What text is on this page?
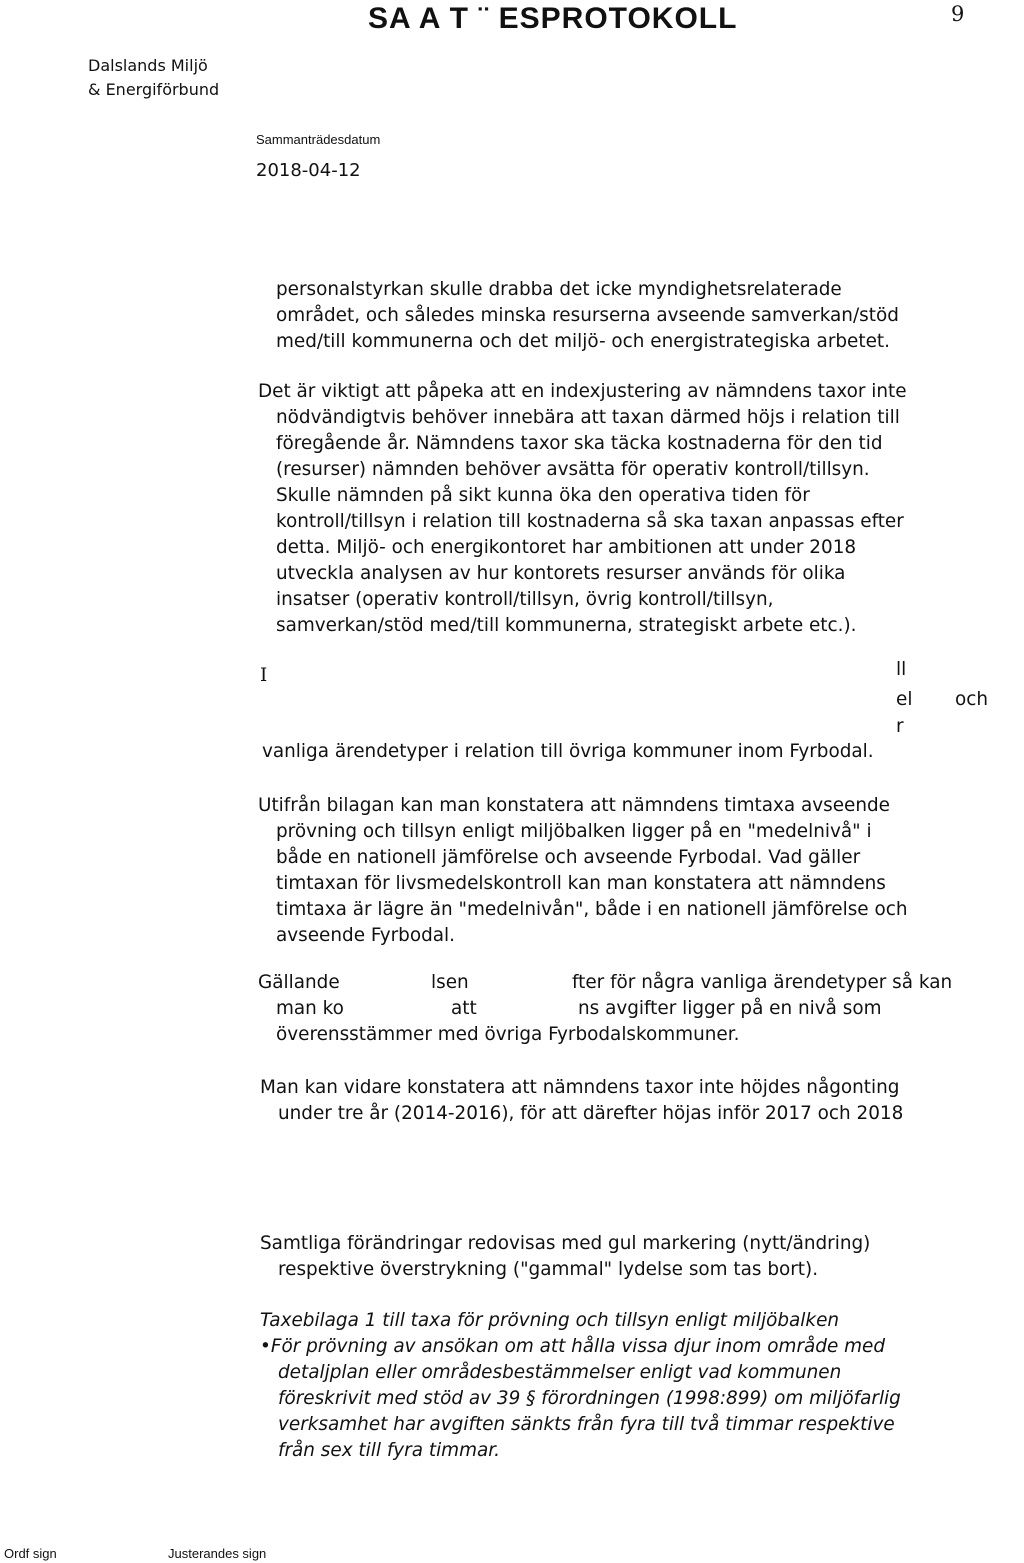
SA A T ¨ ESPROTOKOLL	9
Dalslands Miljö
& Energiförbund
Sammanträdesdatum
2018-04-12
personalstyrkan skulle drabba det icke myndighetsrelaterade
området, och således minska resurserna avseende samverkan/stöd
med/till kommunerna och det miljö- och energistrategiska arbetet.
Det är viktigt att påpeka att en indexjustering av nämndens taxor inte
nödvändigtvis behöver innebära att taxan därmed höjs i relation till
föregående år. Nämndens taxor ska täcka kostnaderna för den tid
(resurser) nämnden behöver avsätta för operativ kontroll/tillsyn.
Skulle nämnden på sikt kunna öka den operativa tiden för
kontroll/tillsyn i relation till kostnaderna så ska taxan anpassas efter
detta. Miljö- och energikontoret har ambitionen att under 2018
utveckla analysen av hur kontorets resurser används för olika
insatser (operativ kontroll/tillsyn, övrig kontroll/tillsyn,
samverkan/stöd med/till kommunerna, strategiskt arbete etc.).
I	ll
el och
r
vanliga ärendetyper i relation till övriga kommuner inom Fyrbodal.
Utifrån bilagan kan man konstatera att nämndens timtaxa avseende
prövning och tillsyn enligt miljöbalken ligger på en "medelnivå" i
både en nationell jämförelse och avseende Fyrbodal. Vad gäller
timtaxan för livsmedelskontroll kan man konstatera att nämndens
timtaxa är lägre än "medelnivån", både i en nationell jämförelse och
avseende Fyrbodal.
Gällande	lsen	fter för några vanliga ärendetyper så kan
man ko	att	ns avgifter ligger på en nivå som
överensstämmer med övriga Fyrbodalskommuner.
Man kan vidare konstatera att nämndens taxor inte höjdes någonting
under tre år (2014-2016), för att därefter höjas inför 2017 och 2018
Samtliga förändringar redovisas med gul markering (nytt/ändring)
respektive överstrykning ("gammal" lydelse som tas bort).
Taxebilaga 1 till taxa för prövning och tillsyn enligt miljöbalken
•För prövning av ansökan om att hålla vissa djur inom område med
detaljplan eller områdesbestämmelser enligt vad kommunen
föreskrivit med stöd av 39 § förordningen (1998:899) om miljöfarlig
verksamhet har avgiften sänkts från fyra till två timmar respektive
från sex till fyra timmar.
Ordf sign	Justerandes sign
